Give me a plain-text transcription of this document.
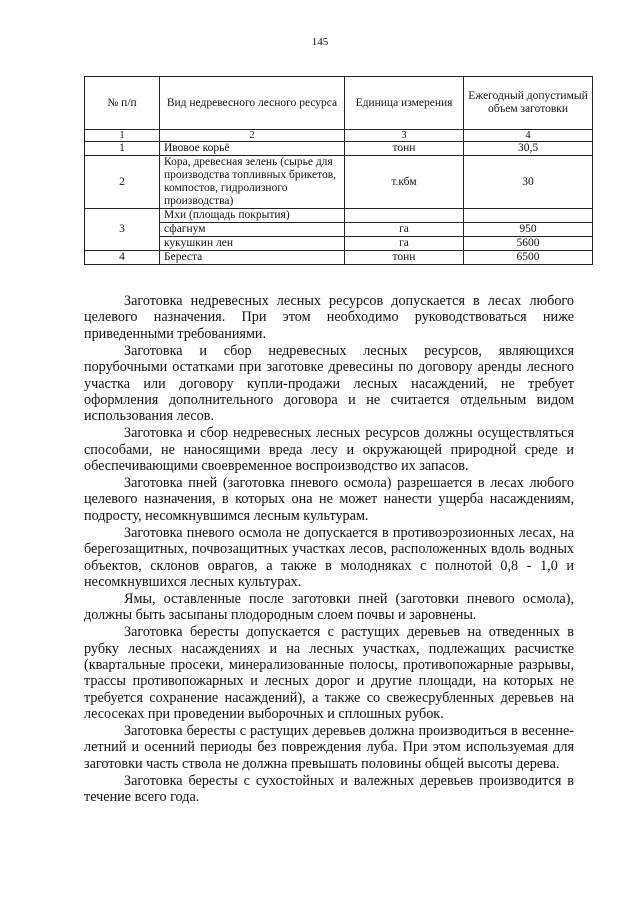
145
№ п/п	Вид недревесного лесного ресурса	Единица измерения	Ежегодный допустимый объем заготовки
1	2	3	4
1	Ивовое корьё	тонн	30,5
2	Кора, древесная зелень (сырье для производства топливных брикетов, компостов, гидролизного производства)	т.кбм	30
3	Мхи (площадь покрытия)		
	сфагнум	га	950
	кукушкин лен	га	5600
4	Береста	тонн	6500

Заготовка недревесных лесных ресурсов допускается в лесах любого целевого назначения. При этом необходимо руководствоваться ниже приведенными требованиями.

Заготовка и сбор недревесных лесных ресурсов, являющихся порубочными остатками при заготовке древесины по договору аренды лесного участка или договору купли-продажи лесных насаждений, не требует оформления дополнительного договора и не считается отдельным видом использования лесов.

Заготовка и сбор недревесных лесных ресурсов должны осуществляться способами, не наносящими вреда лесу и окружающей природной среде и обеспечивающими своевременное воспроизводство их запасов.

Заготовка пней (заготовка пневого осмола) разрешается в лесах любого целевого назначения, в которых она не может нанести ущерба насаждениям, подросту, несомкнувшимся лесным культурам.

Заготовка пневого осмола не допускается в противоэрозионных лесах, на берегозащитных, почвозащитных участках лесов, расположенных вдоль водных объектов, склонов оврагов, а также в молодняках с полнотой 0,8 - 1,0 и несомкнувшихся лесных культурах.

Ямы, оставленные после заготовки пней (заготовки пневого осмола), должны быть засыпаны плодородным слоем почвы и заровнены.

Заготовка бересты допускается с растущих деревьев на отведенных в рубку лесных насаждениях и на лесных участках, подлежащих расчистке (квартальные просеки, минерализованные полосы, противопожарные разрывы, трассы противопожарных и лесных дорог и другие площади, на которых не требуется сохранение насаждений), а также со свежесрубленных деревьев на лесосеках при проведении выборочных и сплошных рубок.

Заготовка бересты с растущих деревьев должна производиться в весенне-летний и осенний периоды без повреждения луба. При этом используемая для заготовки часть ствола не должна превышать половины общей высоты дерева.

Заготовка бересты с сухостойных и валежных деревьев производится в течение всего года.
